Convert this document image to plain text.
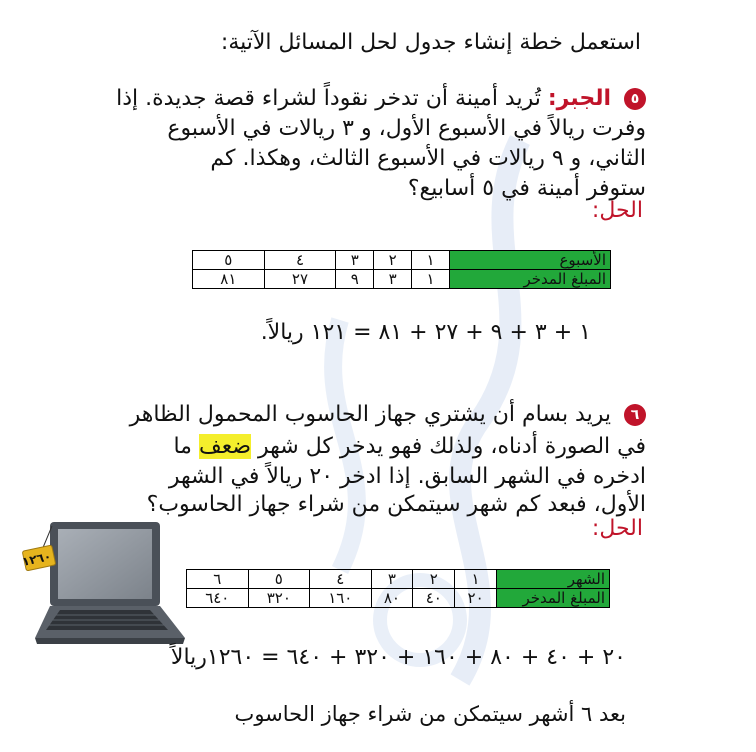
استعمل خطة إنشاء جدول لحل المسائل الآتية:
٥ الجبر: تُريد أمينة أن تدخر نقوداً لشراء قصة جديدة. إذا
وفرت ريالاً في الأسبوع الأول، و ٣ ريالات في الأسبوع
الثاني، و ٩ ريالات في الأسبوع الثالث، وهكذا. كم
ستوفر أمينة في ٥ أسابيع؟
الحل:
الأسبوع	١	٢	٣	٤	٥
المبلغ المدخر	١	٣	٩	٢٧	٨١
١ + ٣ + ٩ + ٢٧ + ٨١ = ١٢١ ريالاً.
٦ يريد بسام أن يشتري جهاز الحاسوب المحمول الظاهر
في الصورة أدناه، ولذلك فهو يدخر كل شهر ضعف ما
ادخره في الشهر السابق. إذا ادخر ٢٠ ريالاً في الشهر
الأول، فبعد كم شهر سيتمكن من شراء جهاز الحاسوب؟
الحل:
١٢٦٠
الشهر	١	٢	٣	٤	٥	٦
المبلغ المدخر	٢٠	٤٠	٨٠	١٦٠	٣٢٠	٦٤٠
٢٠ + ٤٠ + ٨٠ + ١٦٠ + ٣٢٠ + ٦٤٠ = ١٢٦٠ريالاً
بعد ٦ أشهر سيتمكن من شراء جهاز الحاسوب
